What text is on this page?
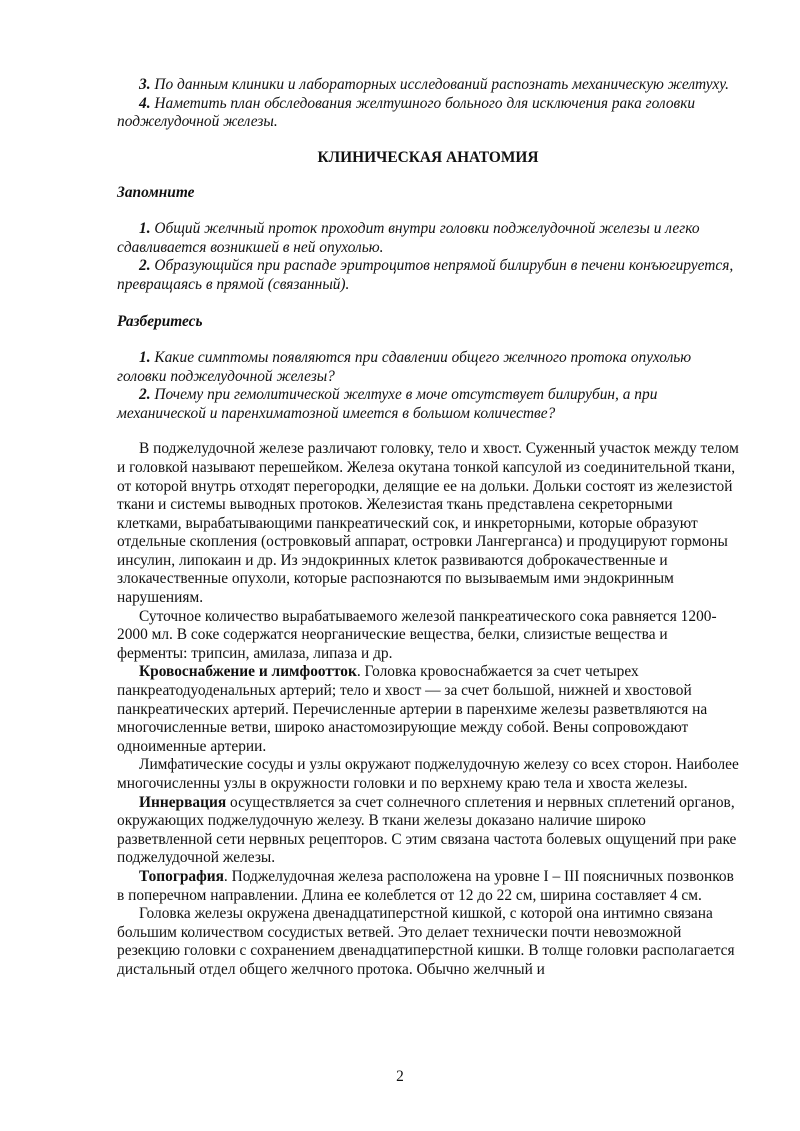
3. По данным клиники и лабораторных исследований распознать механическую желтуху.

4. Наметить план обследования желтушного больного для исключения рака головки поджелудочной железы.

КЛИНИЧЕСКАЯ АНАТОМИЯ

Запомните

1. Общий желчный проток проходит внутри головки поджелудочной железы и легко сдавливается возникшей в ней опухолью.

2. Образующийся при распаде эритроцитов непрямой билирубин в печени конъюгируется, превращаясь в прямой (связанный).

Разберитесь

1. Какие симптомы появляются при сдавлении общего желчного протока опухолью головки поджелудочной железы?

2. Почему при гемолитической желтухе в моче отсутствует билирубин, а при механической и паренхиматозной имеется в большом количестве?

В поджелудочной железе различают головку, тело и хвост. Суженный участок между телом и головкой называют перешейком. Железа окутана тонкой капсулой из соединительной ткани, от которой внутрь отходят перегородки, делящие ее на дольки. Дольки состоят из железистой ткани и системы выводных протоков. Железистая ткань представлена секреторными клетками, вырабатывающими панкреатический сок, и инкреторными, которые образуют отдельные скопления (островковый аппарат, островки Лангерганса) и продуцируют гормоны инсулин, липокаин и др. Из эндокринных клеток развиваются доброкачественные и злокачественные опухоли, которые распознаются по вызываемым ими эндокринным нарушениям.

Суточное количество вырабатываемого железой панкреатического сока равняется 1200-2000 мл. В соке содержатся неорганические вещества, белки, слизистые вещества и ферменты: трипсин, амилаза, липаза и др.

Кровоснабжение и лимфоотток. Головка кровоснабжается за счет четырех панкреатодуоденальных артерий; тело и хвост — за счет большой, нижней и хвостовой панкреатических артерий. Перечисленные артерии в паренхиме железы разветвляются на многочисленные ветви, широко анастомозирующие между собой. Вены сопровождают одноименные артерии.

Лимфатические сосуды и узлы окружают поджелудочную железу со всех сторон. Наиболее многочисленны узлы в окружности головки и по верхнему краю тела и хвоста железы.

Иннервация осуществляется за счет солнечного сплетения и нервных сплетений органов, окружающих поджелудочную железу. В ткани железы доказано наличие широко разветвленной сети нервных рецепторов. С этим связана частота болевых ощущений при раке поджелудочной железы.

Топография. Поджелудочная железа расположена на уровне I – III поясничных позвонков в поперечном направлении. Длина ее колеблется от 12 до 22 см, ширина составляет 4 см.

Головка железы окружена двенадцатиперстной кишкой, с которой она интимно связана большим количеством сосудистых ветвей. Это делает технически почти невозможной резекцию головки с сохранением двенадцатиперстной кишки. В толще головки располагается дистальный отдел общего желчного протока. Обычно желчный и

2
